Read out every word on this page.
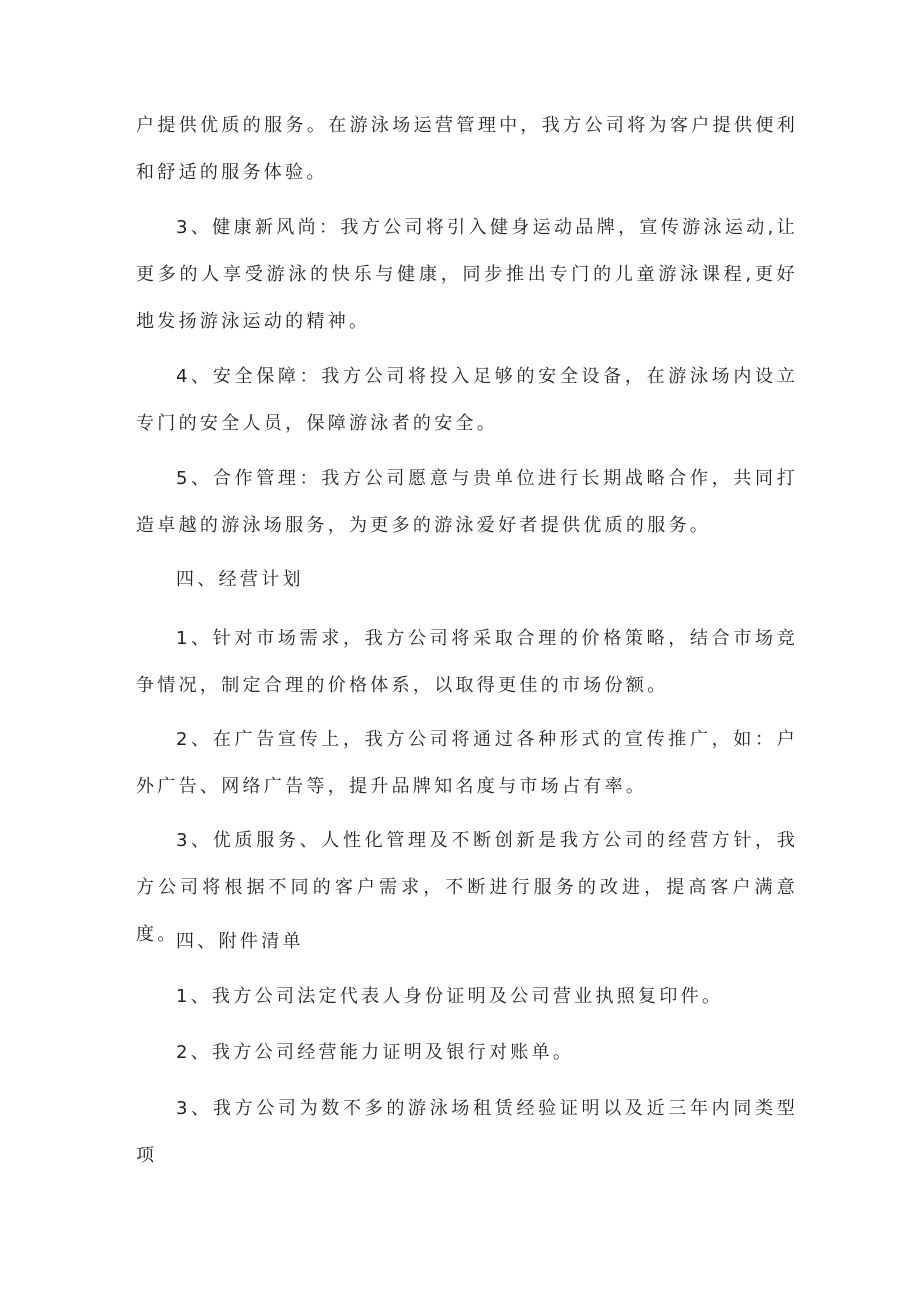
户提供优质的服务。在游泳场运营管理中，我方公司将为客户提供便利和舒适的服务体验。

3、健康新风尚：我方公司将引入健身运动品牌，宣传游泳运动,让更多的人享受游泳的快乐与健康，同步推出专门的儿童游泳课程,更好地发扬游泳运动的精神。

4、安全保障：我方公司将投入足够的安全设备，在游泳场内设立专门的安全人员，保障游泳者的安全。

5、合作管理：我方公司愿意与贵单位进行长期战略合作，共同打造卓越的游泳场服务，为更多的游泳爱好者提供优质的服务。

四、经营计划

1、针对市场需求，我方公司将采取合理的价格策略，结合市场竞争情况，制定合理的价格体系，以取得更佳的市场份额。

2、在广告宣传上，我方公司将通过各种形式的宣传推广，如：户外广告、网络广告等，提升品牌知名度与市场占有率。

3、优质服务、人性化管理及不断创新是我方公司的经营方针，我方公司将根据不同的客户需求，不断进行服务的改进，提高客户满意度。

四、附件清单

1、我方公司法定代表人身份证明及公司营业执照复印件。

2、我方公司经营能力证明及银行对账单。

3、我方公司为数不多的游泳场租赁经验证明以及近三年内同类型项
